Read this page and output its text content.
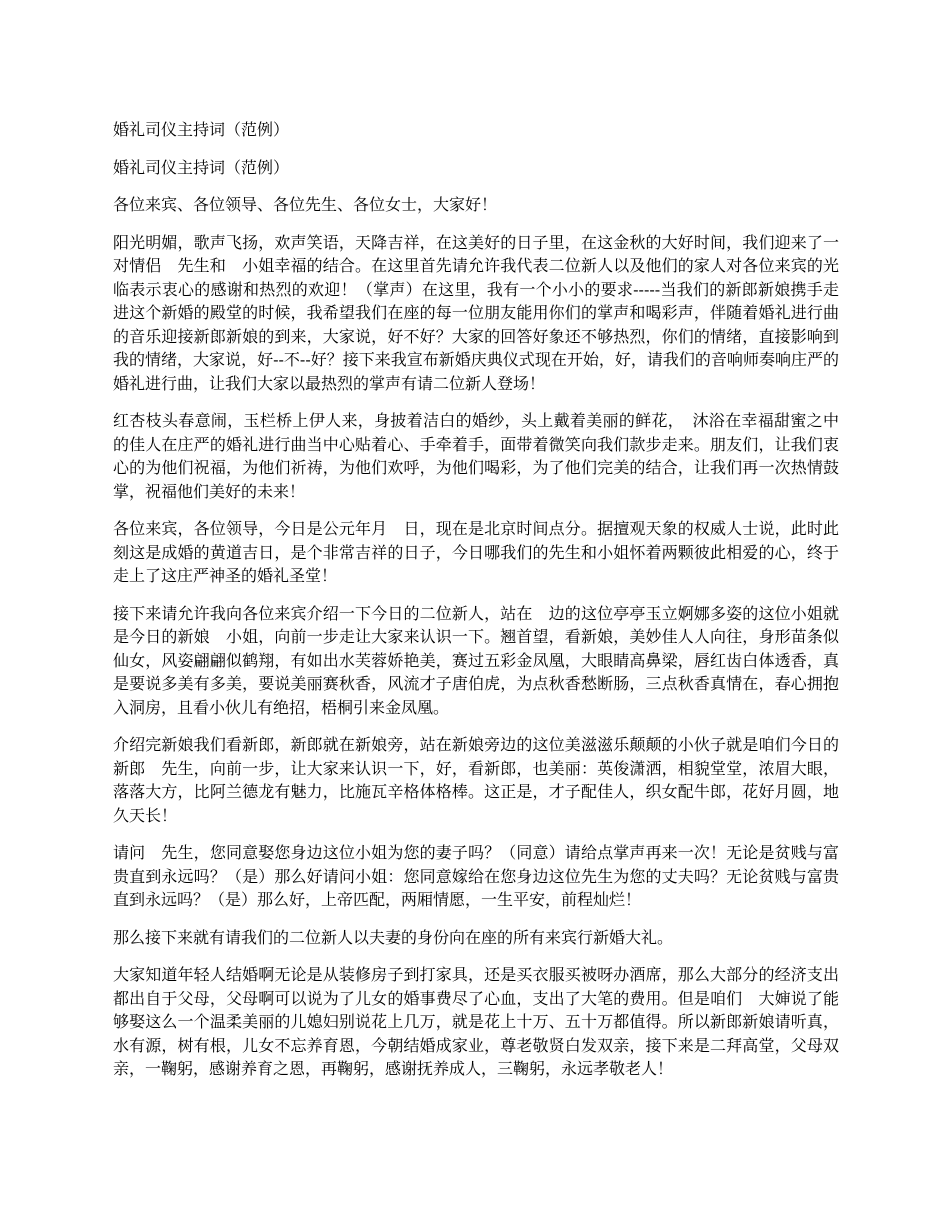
婚礼司仪主持词（范例）

婚礼司仪主持词（范例）

各位来宾、各位领导、各位先生、各位女士，大家好！

阳光明媚，歌声飞扬，欢声笑语，天降吉祥，在这美好的日子里，在这金秋的大好时间，我们迎来了一对情侣　先生和　小姐幸福的结合。在这里首先请允许我代表二位新人以及他们的家人对各位来宾的光临表示衷心的感谢和热烈的欢迎！（掌声）在这里，我有一个小小的要求-----当我们的新郎新娘携手走进这个新婚的殿堂的时候，我希望我们在座的每一位朋友能用你们的掌声和喝彩声，伴随着婚礼进行曲的音乐迎接新郎新娘的到来，大家说，好不好？大家的回答好象还不够热烈，你们的情绪，直接影响到我的情绪，大家说，好--不--好？接下来我宣布新婚庆典仪式现在开始，好，请我们的音响师奏响庄严的婚礼进行曲，让我们大家以最热烈的掌声有请二位新人登场！

红杏枝头春意闹，玉栏桥上伊人来，身披着洁白的婚纱，头上戴着美丽的鲜花，　沐浴在幸福甜蜜之中的佳人在庄严的婚礼进行曲当中心贴着心、手牵着手，面带着微笑向我们款步走来。朋友们，让我们衷心的为他们祝福，为他们祈祷，为他们欢呼，为他们喝彩，为了他们完美的结合，让我们再一次热情鼓掌，祝福他们美好的未来！

各位来宾，各位领导，今日是公元年月　日，现在是北京时间点分。据擅观天象的权威人士说，此时此刻这是成婚的黄道吉日，是个非常吉祥的日子，今日哪我们的先生和小姐怀着两颗彼此相爱的心，终于走上了这庄严神圣的婚礼圣堂！

接下来请允许我向各位来宾介绍一下今日的二位新人，站在　边的这位亭亭玉立婀娜多姿的这位小姐就是今日的新娘　小姐，向前一步走让大家来认识一下。翘首望，看新娘，美妙佳人人向往，身形苗条似仙女，风姿翩翩似鹤翔，有如出水芙蓉娇艳美，赛过五彩金凤凰，大眼睛高鼻梁，唇红齿白体透香，真是要说多美有多美，要说美丽赛秋香，风流才子唐伯虎，为点秋香愁断肠，三点秋香真情在，春心拥抱入洞房，且看小伙儿有绝招，梧桐引来金凤凰。

介绍完新娘我们看新郎，新郎就在新娘旁，站在新娘旁边的这位美滋滋乐颠颠的小伙子就是咱们今日的新郎　先生，向前一步，让大家来认识一下，好，看新郎，也美丽：英俊潇洒，相貌堂堂，浓眉大眼，落落大方，比阿兰德龙有魅力，比施瓦辛格体格棒。这正是，才子配佳人，织女配牛郎，花好月圆，地久天长！

请问　先生，您同意娶您身边这位小姐为您的妻子吗？（同意）请给点掌声再来一次！无论是贫贱与富贵直到永远吗？（是）那么好请问小姐：您同意嫁给在您身边这位先生为您的丈夫吗？无论贫贱与富贵直到永远吗？（是）那么好，上帝匹配，两厢情愿，一生平安，前程灿烂！

那么接下来就有请我们的二位新人以夫妻的身份向在座的所有来宾行新婚大礼。

大家知道年轻人结婚啊无论是从装修房子到打家具，还是买衣服买被呀办酒席，那么大部分的经济支出都出自于父母，父母啊可以说为了儿女的婚事费尽了心血，支出了大笔的费用。但是咱们　大婶说了能够娶这么一个温柔美丽的儿媳妇别说花上几万，就是花上十万、五十万都值得。所以新郎新娘请听真，水有源，树有根，儿女不忘养育恩，今朝结婚成家业，尊老敬贤白发双亲，接下来是二拜高堂，父母双亲，一鞠躬，感谢养育之恩，再鞠躬，感谢抚养成人，三鞠躬，永远孝敬老人！
